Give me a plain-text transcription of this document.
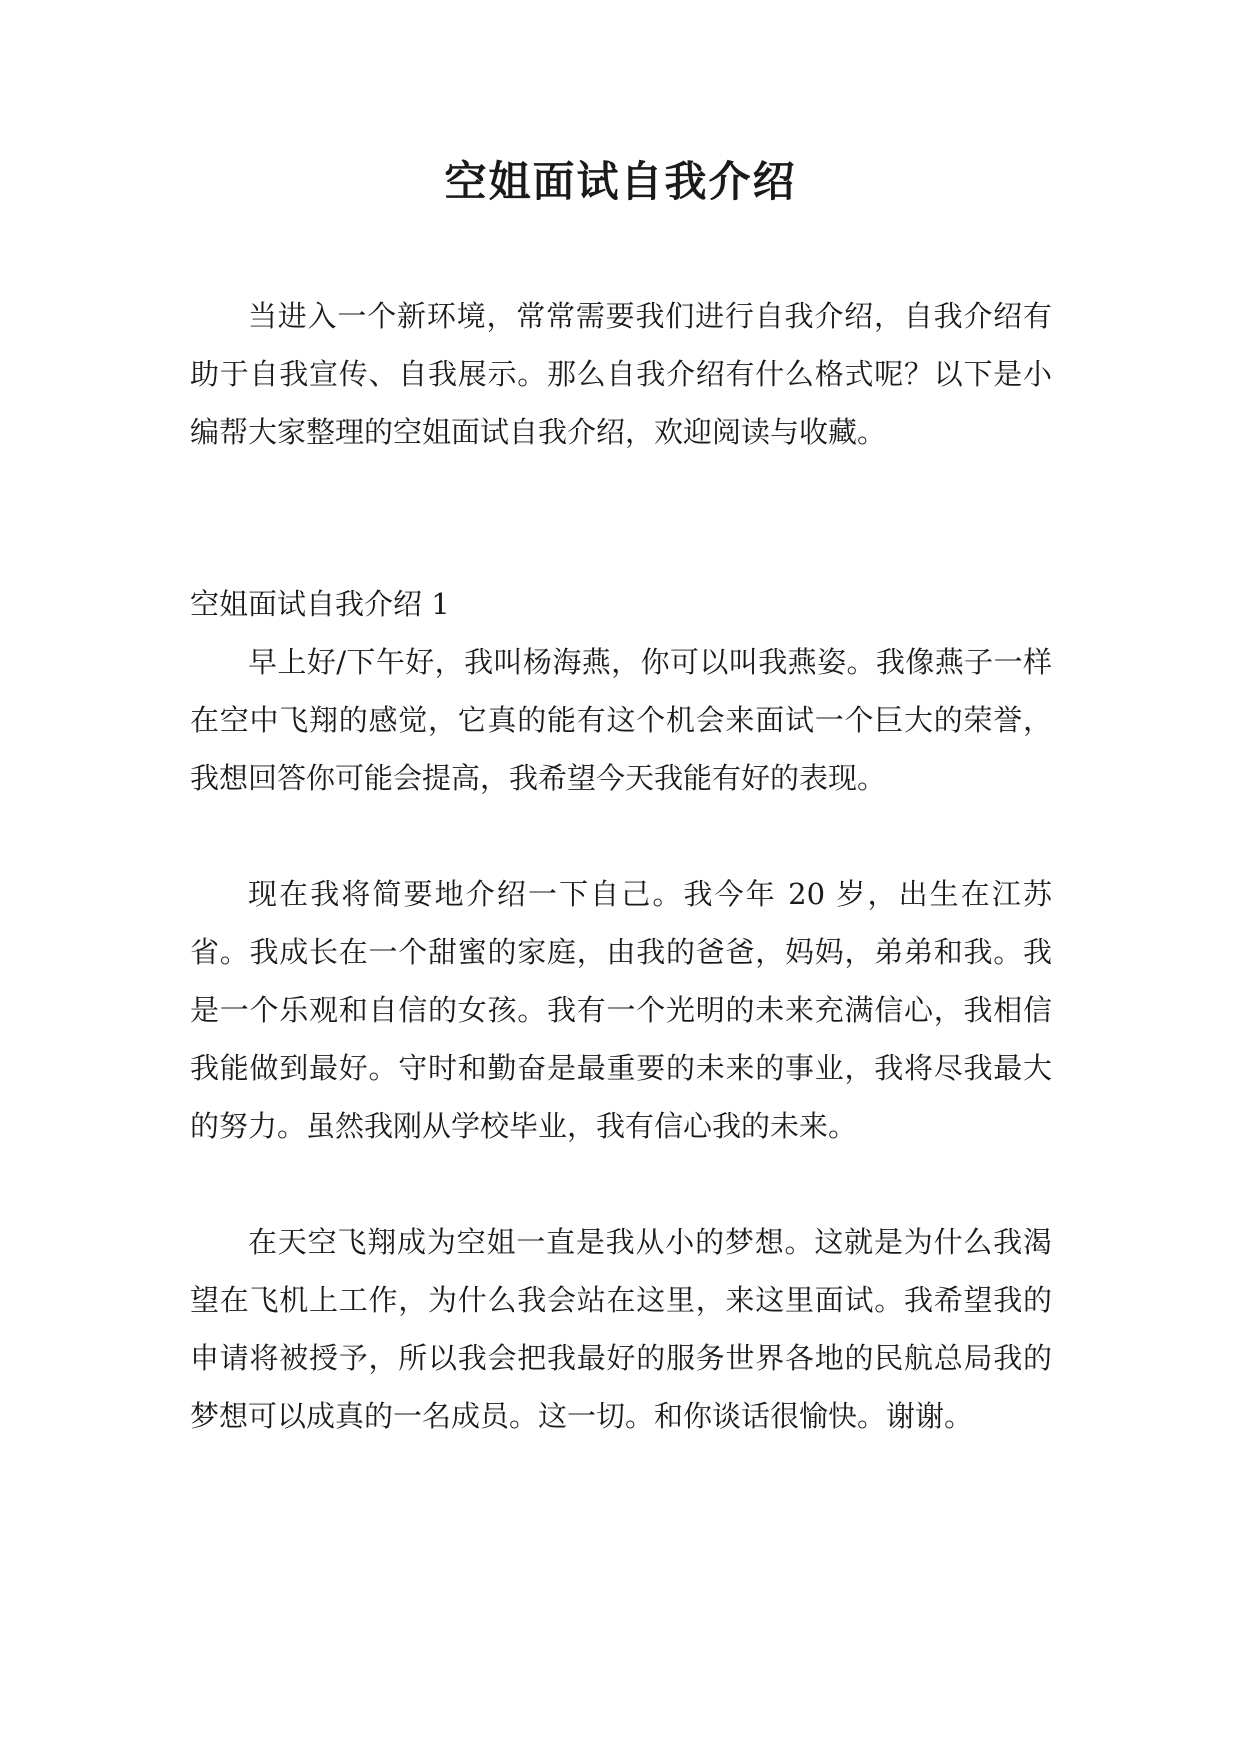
空姐面试自我介绍

当进入一个新环境，常常需要我们进行自我介绍，自我介绍有助于自我宣传、自我展示。那么自我介绍有什么格式呢？以下是小编帮大家整理的空姐面试自我介绍，欢迎阅读与收藏。

空姐面试自我介绍 1

早上好/下午好，我叫杨海燕，你可以叫我燕姿。我像燕子一样在空中飞翔的感觉，它真的能有这个机会来面试一个巨大的荣誉，我想回答你可能会提高，我希望今天我能有好的表现。

现在我将简要地介绍一下自己。我今年 20 岁，出生在江苏省。我成长在一个甜蜜的家庭，由我的爸爸，妈妈，弟弟和我。我是一个乐观和自信的女孩。我有一个光明的未来充满信心，我相信我能做到最好。守时和勤奋是最重要的未来的事业，我将尽我最大的努力。虽然我刚从学校毕业，我有信心我的未来。

在天空飞翔成为空姐一直是我从小的梦想。这就是为什么我渴望在飞机上工作，为什么我会站在这里，来这里面试。我希望我的申请将被授予，所以我会把我最好的服务世界各地的民航总局我的梦想可以成真的一名成员。这一切。和你谈话很愉快。谢谢。
